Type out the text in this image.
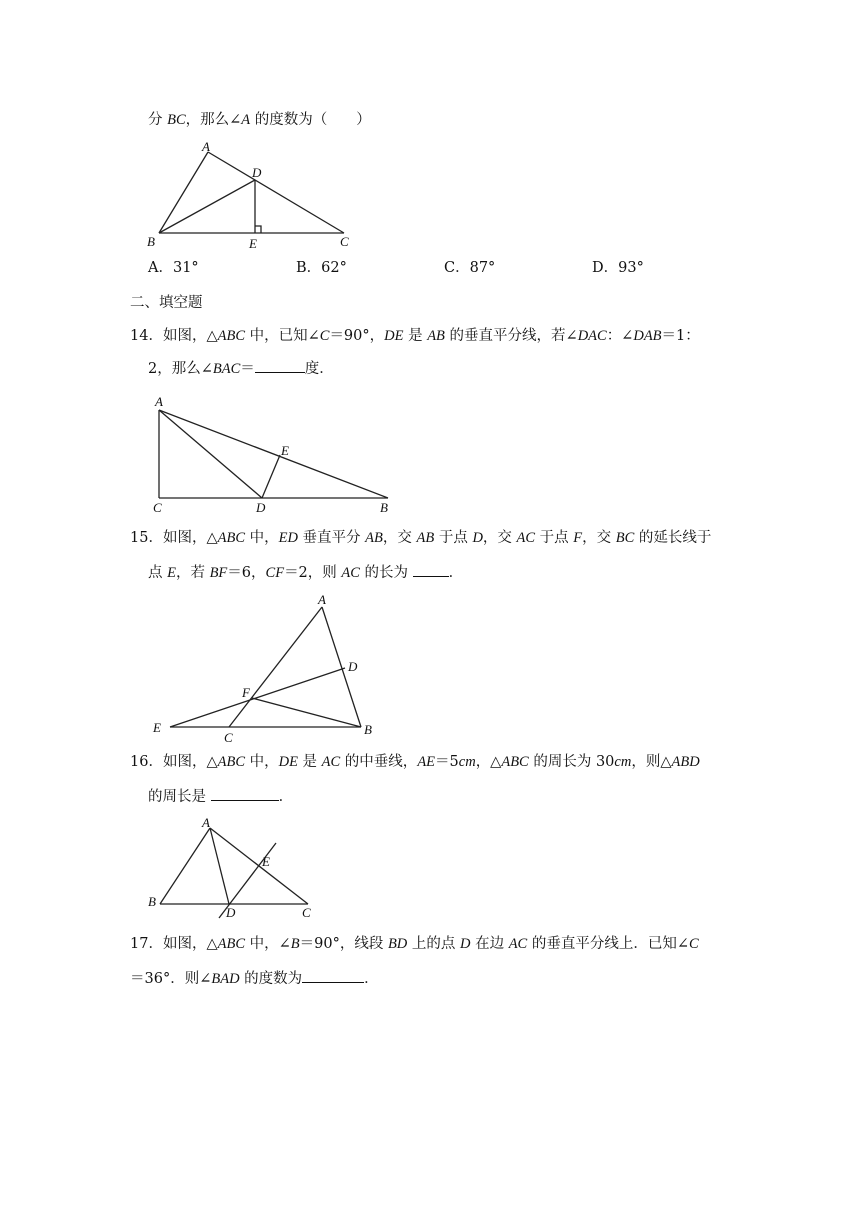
分 BC，那么∠A 的度数为（　　）
A
B	C
D
E
A
C	D	B
E
A
D
F
E
C
B
A
B
D	C
E
A．31°	B．62°	C．87°	D．93°
二、填空题
14．如图，△ABC 中，已知∠C＝90°，DE 是 AB 的垂直平分线，若∠DAC：∠DAB＝1：
2，那么∠BAC＝	度．
15．如图，△ABC 中，ED 垂直平分 AB，交 AB 于点 D，交 AC 于点 F，交 BC 的延长线于
点 E，若 BF＝6，CF＝2，则 AC 的长为 ．
16．如图，△ABC 中，DE 是 AC 的中垂线，AE＝5cm，△ABC 的周长为 30cm，则△ABD
的周长是	．
17．如图，△ABC 中，∠B＝90°，线段 BD 上的点 D 在边 AC 的垂直平分线上．已知∠C
＝36°．则∠BAD 的度数为	．
